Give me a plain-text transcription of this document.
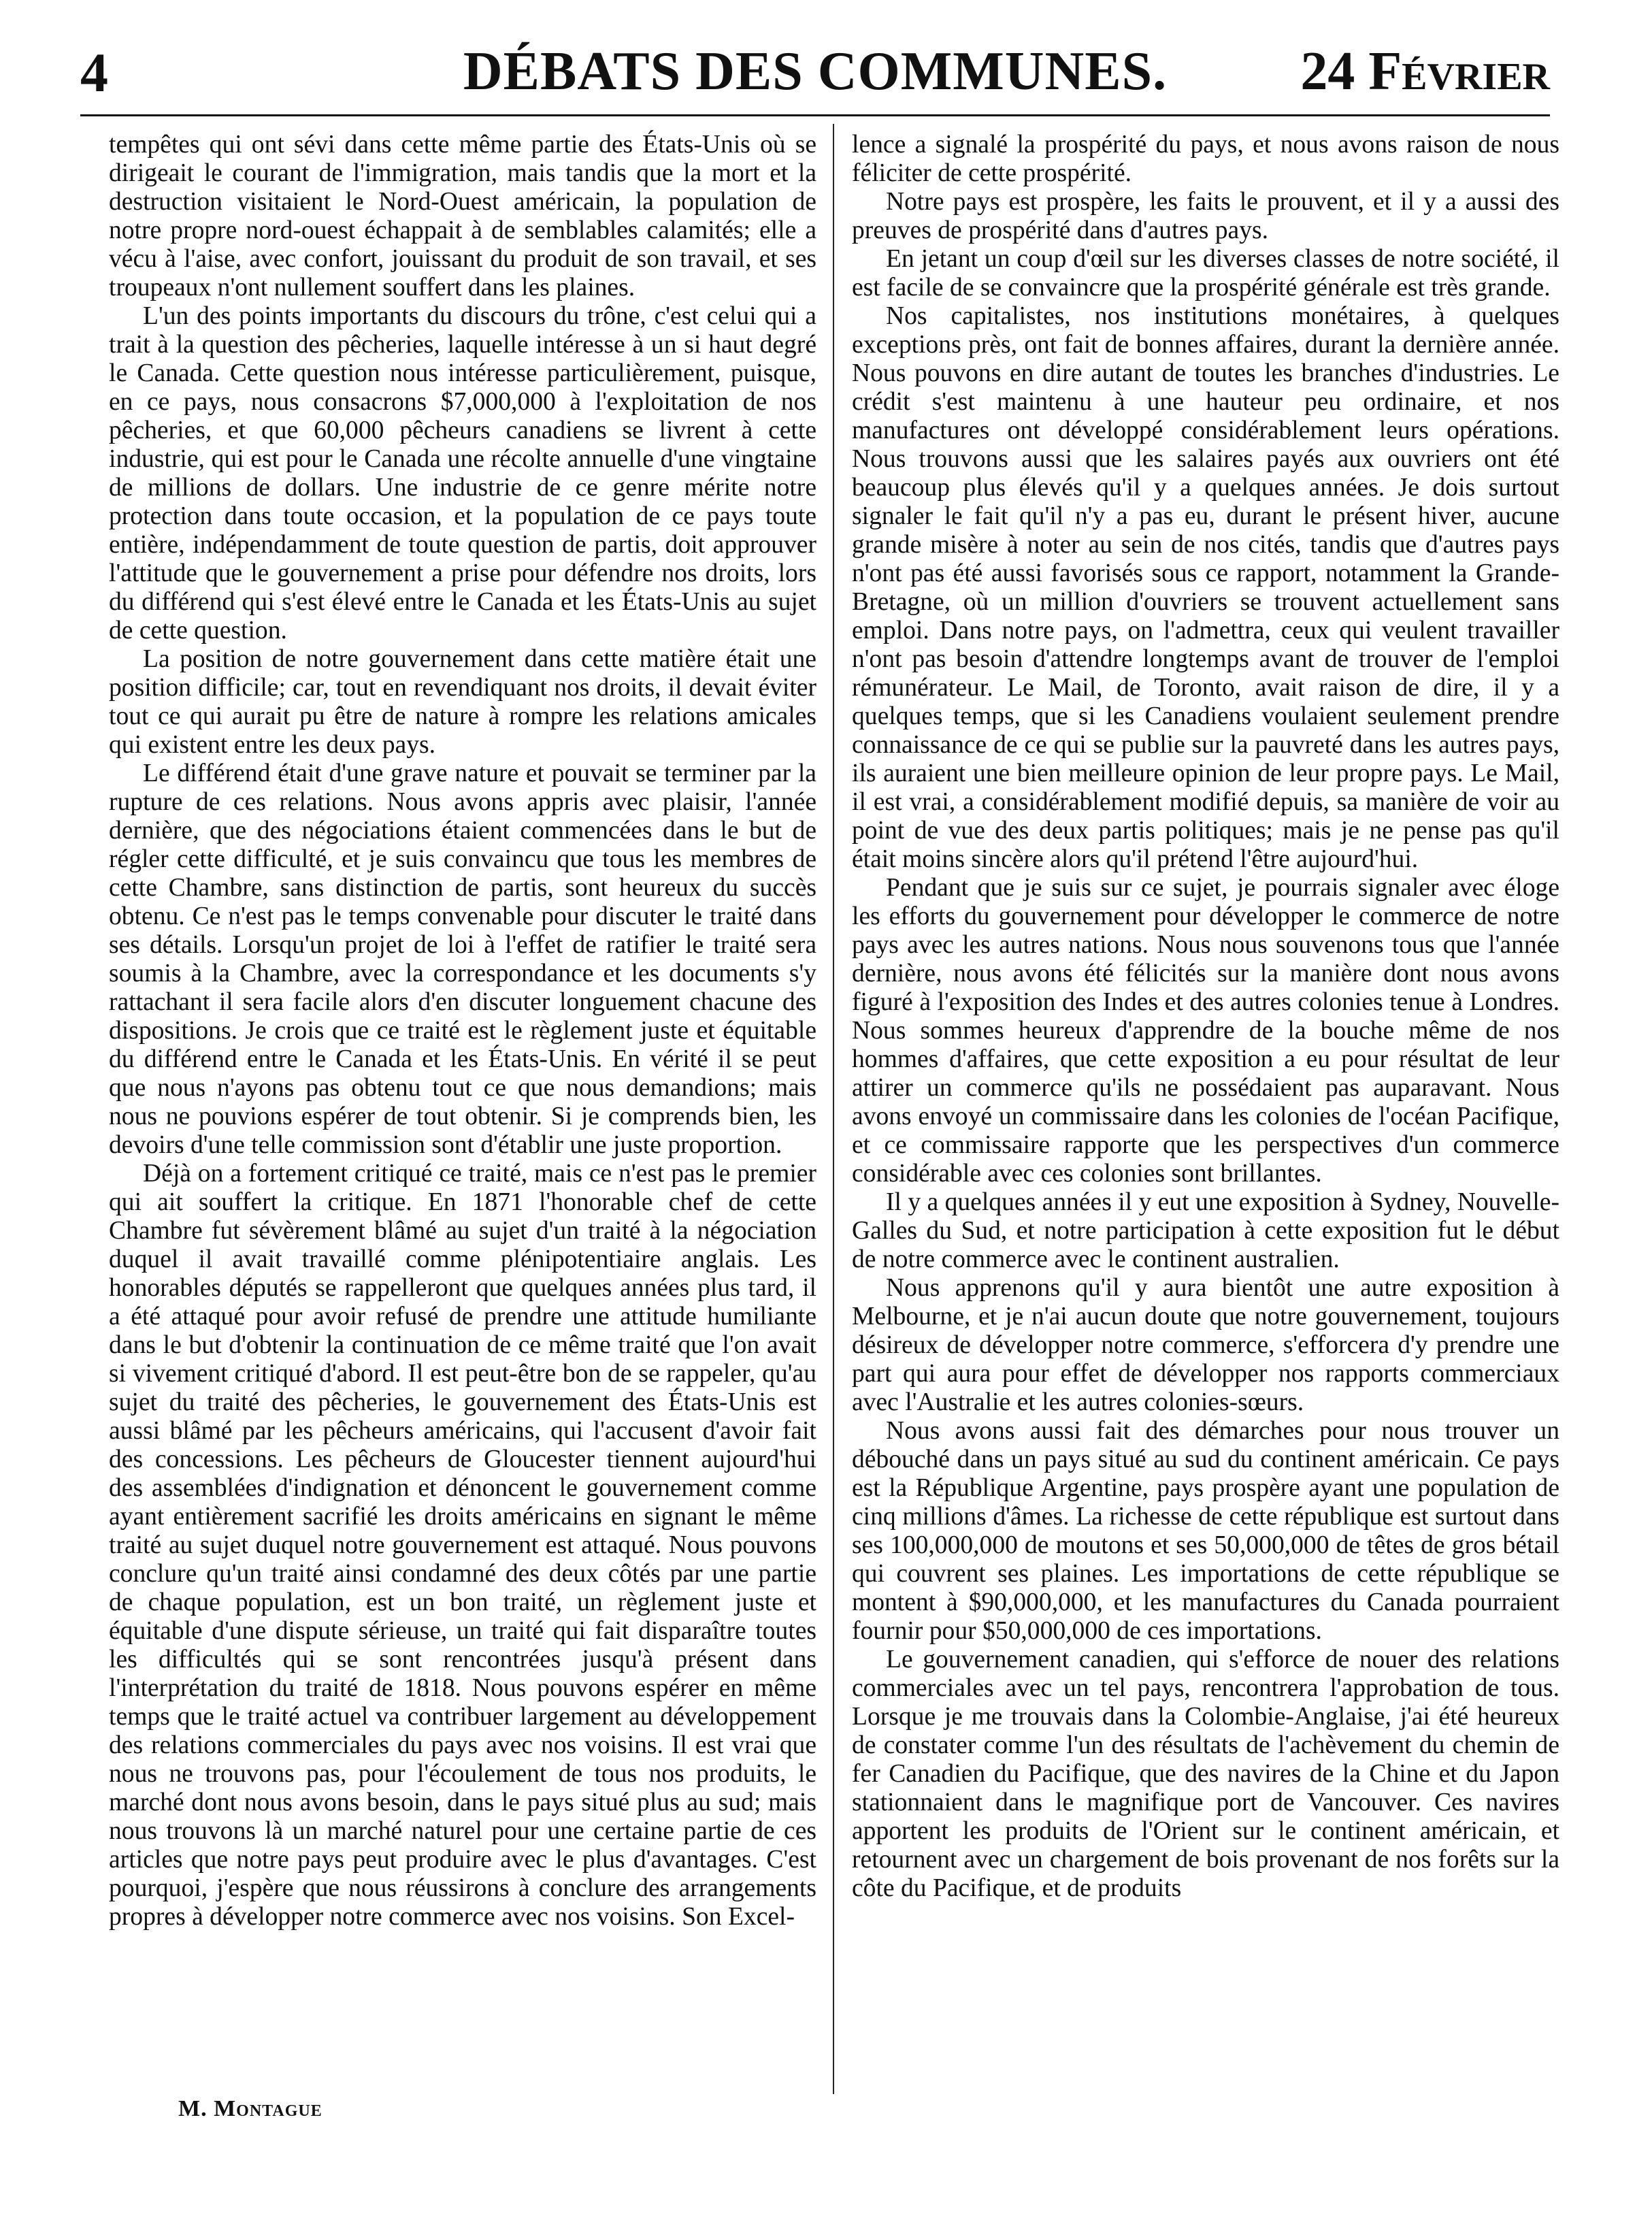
4	DÉBATS DES COMMUNES.	24 Février

tempêtes qui ont sévi dans cette même partie des États-Unis où se dirigeait le courant de l'immigration, mais tandis que la mort et la destruction visitaient le Nord-Ouest américain, la population de notre propre nord-ouest échappait à de semblables calamités; elle a vécu à l'aise, avec confort, jouissant du produit de son travail, et ses troupeaux n'ont nullement souffert dans les plaines.

L'un des points importants du discours du trône, c'est celui qui a trait à la question des pêcheries, laquelle intéresse à un si haut degré le Canada. Cette question nous intéresse particulièrement, puisque, en ce pays, nous consacrons $7,000,000 à l'exploitation de nos pêcheries, et que 60,000 pêcheurs canadiens se livrent à cette industrie, qui est pour le Canada une récolte annuelle d'une vingtaine de millions de dollars. Une industrie de ce genre mérite notre protection dans toute occasion, et la population de ce pays toute entière, indépendamment de toute question de partis, doit approuver l'attitude que le gouvernement a prise pour défendre nos droits, lors du différend qui s'est élevé entre le Canada et les États-Unis au sujet de cette question.

La position de notre gouvernement dans cette matière était une position difficile; car, tout en revendiquant nos droits, il devait éviter tout ce qui aurait pu être de nature à rompre les relations amicales qui existent entre les deux pays.

Le différend était d'une grave nature et pouvait se terminer par la rupture de ces relations. Nous avons appris avec plaisir, l'année dernière, que des négociations étaient commencées dans le but de régler cette difficulté, et je suis convaincu que tous les membres de cette Chambre, sans distinction de partis, sont heureux du succès obtenu. Ce n'est pas le temps convenable pour discuter le traité dans ses détails. Lorsqu'un projet de loi à l'effet de ratifier le traité sera soumis à la Chambre, avec la correspondance et les documents s'y rattachant il sera facile alors d'en discuter longuement chacune des dispositions. Je crois que ce traité est le règlement juste et équitable du différend entre le Canada et les États-Unis. En vérité il se peut que nous n'ayons pas obtenu tout ce que nous demandions; mais nous ne pouvions espérer de tout obtenir. Si je comprends bien, les devoirs d'une telle commission sont d'établir une juste proportion.

Déjà on a fortement critiqué ce traité, mais ce n'est pas le premier qui ait souffert la critique. En 1871 l'honorable chef de cette Chambre fut sévèrement blâmé au sujet d'un traité à la négociation duquel il avait travaillé comme plénipotentiaire anglais. Les honorables députés se rappelleront que quelques années plus tard, il a été attaqué pour avoir refusé de prendre une attitude humiliante dans le but d'obtenir la continuation de ce même traité que l'on avait si vivement critiqué d'abord. Il est peut-être bon de se rappeler, qu'au sujet du traité des pêcheries, le gouvernement des États-Unis est aussi blâmé par les pêcheurs américains, qui l'accusent d'avoir fait des concessions. Les pêcheurs de Gloucester tiennent aujourd'hui des assemblées d'indignation et dénoncent le gouvernement comme ayant entièrement sacrifié les droits américains en signant le même traité au sujet duquel notre gouvernement est attaqué. Nous pouvons conclure qu'un traité ainsi condamné des deux côtés par une partie de chaque population, est un bon traité, un règlement juste et équitable d'une dispute sérieuse, un traité qui fait disparaître toutes les difficultés qui se sont rencontrées jusqu'à présent dans l'interprétation du traité de 1818. Nous pouvons espérer en même temps que le traité actuel va contribuer largement au développement des relations commerciales du pays avec nos voisins. Il est vrai que nous ne trouvons pas, pour l'écoulement de tous nos produits, le marché dont nous avons besoin, dans le pays situé plus au sud; mais nous trouvons là un marché naturel pour une certaine partie de ces articles que notre pays peut produire avec le plus d'avantages. C'est pourquoi, j'espère que nous réussirons à conclure des arrangements propres à développer notre commerce avec nos voisins. Son Excel-

lence a signalé la prospérité du pays, et nous avons raison de nous féliciter de cette prospérité.

Notre pays est prospère, les faits le prouvent, et il y a aussi des preuves de prospérité dans d'autres pays.

En jetant un coup d'œil sur les diverses classes de notre société, il est facile de se convaincre que la prospérité générale est très grande.

Nos capitalistes, nos institutions monétaires, à quelques exceptions près, ont fait de bonnes affaires, durant la dernière année. Nous pouvons en dire autant de toutes les branches d'industries. Le crédit s'est maintenu à une hauteur peu ordinaire, et nos manufactures ont développé considérablement leurs opérations. Nous trouvons aussi que les salaires payés aux ouvriers ont été beaucoup plus élevés qu'il y a quelques années. Je dois surtout signaler le fait qu'il n'y a pas eu, durant le présent hiver, aucune grande misère à noter au sein de nos cités, tandis que d'autres pays n'ont pas été aussi favorisés sous ce rapport, notamment la Grande-Bretagne, où un million d'ouvriers se trouvent actuellement sans emploi. Dans notre pays, on l'admettra, ceux qui veulent travailler n'ont pas besoin d'attendre longtemps avant de trouver de l'emploi rémunérateur. Le Mail, de Toronto, avait raison de dire, il y a quelques temps, que si les Canadiens voulaient seulement prendre connaissance de ce qui se publie sur la pauvreté dans les autres pays, ils auraient une bien meilleure opinion de leur propre pays. Le Mail, il est vrai, a considérablement modifié depuis, sa manière de voir au point de vue des deux partis politiques; mais je ne pense pas qu'il était moins sincère alors qu'il prétend l'être aujourd'hui.

Pendant que je suis sur ce sujet, je pourrais signaler avec éloge les efforts du gouvernement pour développer le commerce de notre pays avec les autres nations. Nous nous souvenons tous que l'année dernière, nous avons été félicités sur la manière dont nous avons figuré à l'exposition des Indes et des autres colonies tenue à Londres. Nous sommes heureux d'apprendre de la bouche même de nos hommes d'affaires, que cette exposition a eu pour résultat de leur attirer un commerce qu'ils ne possédaient pas auparavant. Nous avons envoyé un commissaire dans les colonies de l'océan Pacifique, et ce commissaire rapporte que les perspectives d'un commerce considérable avec ces colonies sont brillantes.

Il y a quelques années il y eut une exposition à Sydney, Nouvelle-Galles du Sud, et notre participation à cette exposition fut le début de notre commerce avec le continent australien.

Nous apprenons qu'il y aura bientôt une autre exposition à Melbourne, et je n'ai aucun doute que notre gouvernement, toujours désireux de développer notre commerce, s'efforcera d'y prendre une part qui aura pour effet de développer nos rapports commerciaux avec l'Australie et les autres colonies-sœurs.

Nous avons aussi fait des démarches pour nous trouver un débouché dans un pays situé au sud du continent américain. Ce pays est la République Argentine, pays prospère ayant une population de cinq millions d'âmes. La richesse de cette république est surtout dans ses 100,000,000 de moutons et ses 50,000,000 de têtes de gros bétail qui couvrent ses plaines. Les importations de cette république se montent à $90,000,000, et les manufactures du Canada pourraient fournir pour $50,000,000 de ces importations.

Le gouvernement canadien, qui s'efforce de nouer des relations commerciales avec un tel pays, rencontrera l'approbation de tous. Lorsque je me trouvais dans la Colombie-Anglaise, j'ai été heureux de constater comme l'un des résultats de l'achèvement du chemin de fer Canadien du Pacifique, que des navires de la Chine et du Japon stationnaient dans le magnifique port de Vancouver. Ces navires apportent les produits de l'Orient sur le continent américain, et retournent avec un chargement de bois provenant de nos forêts sur la côte du Pacifique, et de produits

M. Montague
